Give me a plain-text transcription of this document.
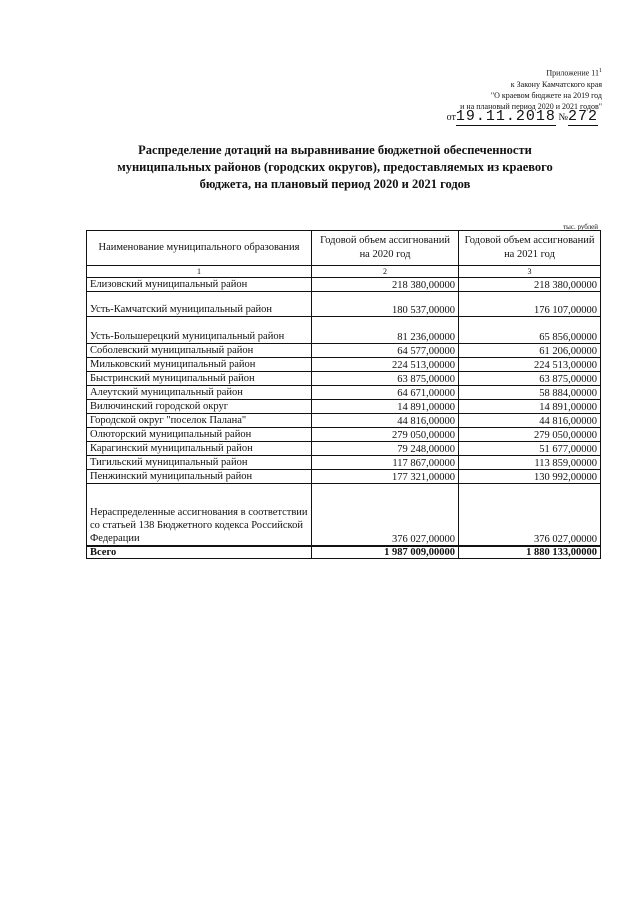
Приложение $11^1$
к Закону Камчатского края
"О краевом бюджете на 2019 год
и на плановый период 2020 и 2021 годов"
от19.11.2018 №272
Распределение дотаций на выравнивание бюджетной обеспеченности муниципальных районов (городских округов), предоставляемых из краевого бюджета, на плановый период 2020 и 2021 годов
тыс. рублей
Наименование муниципального образования	Годовой объем ассигнований на 2020 год	Годовой объем ассигнований на 2021 год
1	2	3
Елизовский муниципальный район	218 380,00000	218 380,00000
Усть-Камчатский муниципальный район	180 537,00000	176 107,00000
Усть-Большерецкий муниципальный район	81 236,00000	65 856,00000
Соболевский муниципальный район	64 577,00000	61 206,00000
Мильковский муниципальный район	224 513,00000	224 513,00000
Быстринский муниципальный район	63 875,00000	63 875,00000
Алеутский муниципальный район	64 671,00000	58 884,00000
Вилючинский городской округ	14 891,00000	14 891,00000
Городской округ "поселок Палана"	44 816,00000	44 816,00000
Олюторский муниципальный район	279 050,00000	279 050,00000
Карагинский муниципальный район	79 248,00000	51 677,00000
Тигильский муниципальный район	117 867,00000	113 859,00000
Пенжинский муниципальный район	177 321,00000	130 992,00000
Нераспределенные ассигнования в соответствии со статьей 138 Бюджетного кодекса Российской Федерации	376 027,00000	376 027,00000
Всего	1 987 009,00000	1 880 133,00000
